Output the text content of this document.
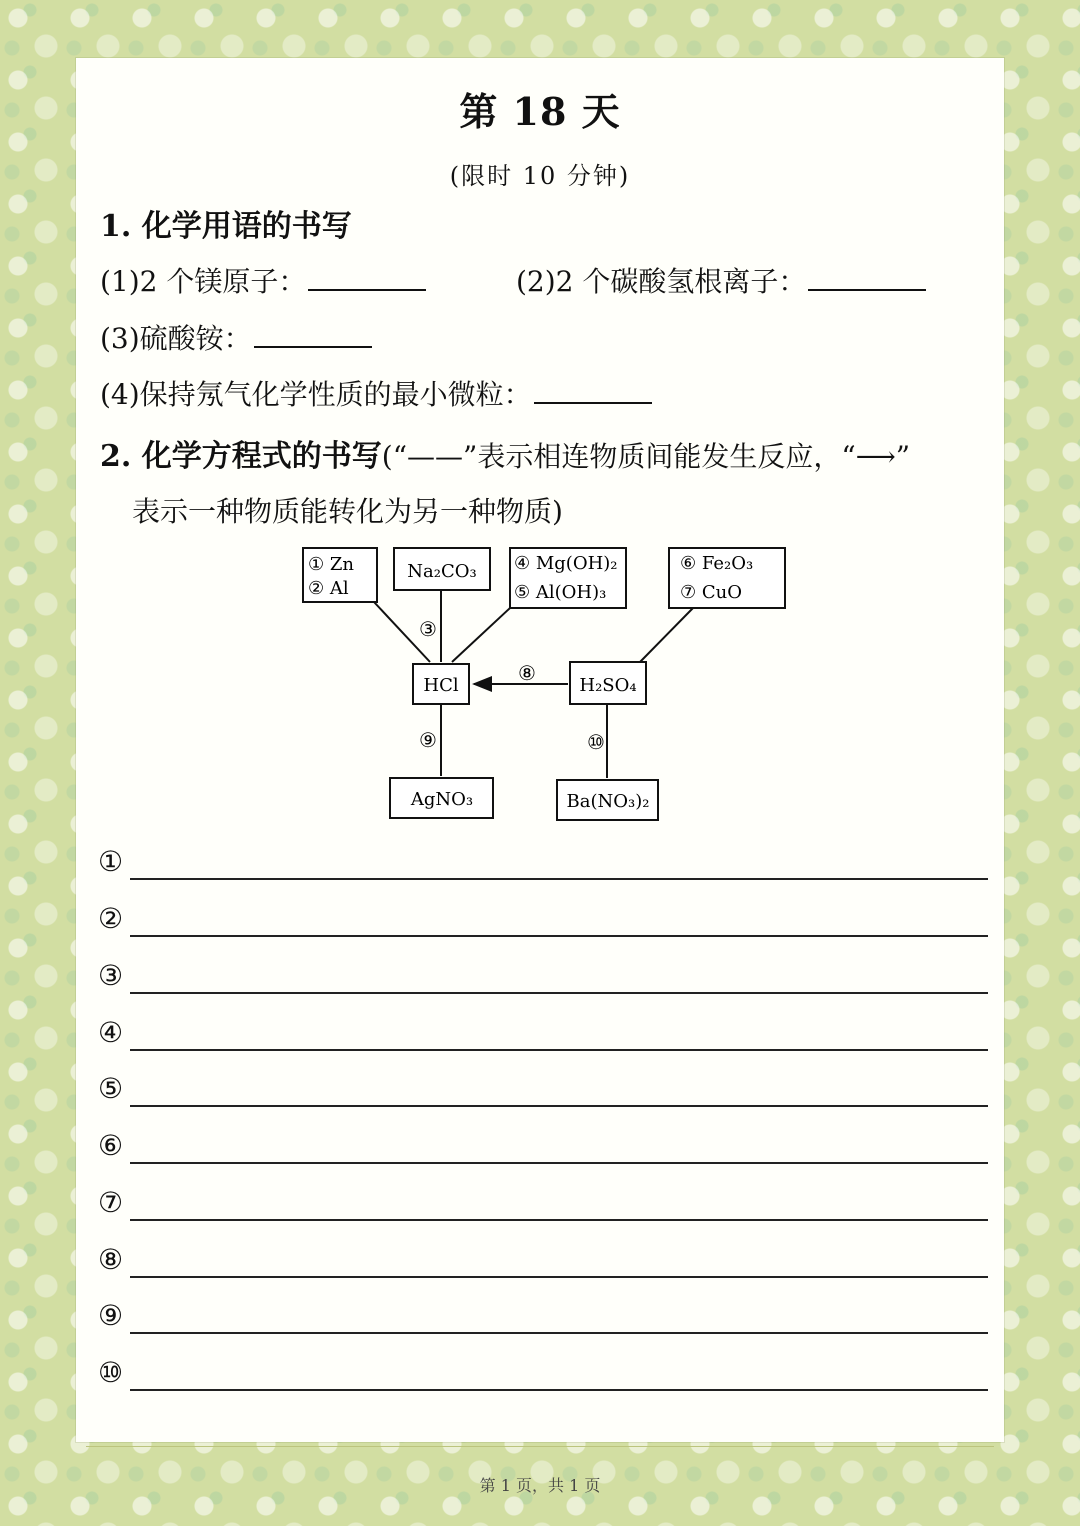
第 18 天
(限时 10 分钟)
1. 化学用语的书写
(1)2 个镁原子：	(2)2 个碳酸氢根离子：
(3)硫酸铵：
(4)保持氖气化学性质的最小微粒：
2. 化学方程式的书写(“——”表示相连物质间能发生反应，“⟶”
表示一种物质能转化为另一种物质)
① Zn
② Al
Na₂CO₃ ④ Mg(OH)₂
⑤ Al(OH)₃
⑥ Fe₂O₃
⑦ CuO
HCl	H₂SO₄
AgNO₃	Ba(NO₃)₂
③
⑧
⑨	⑩
①
②
③
④
⑤
⑥
⑦
⑧
⑨
⑩
第 1 页，共 1 页
